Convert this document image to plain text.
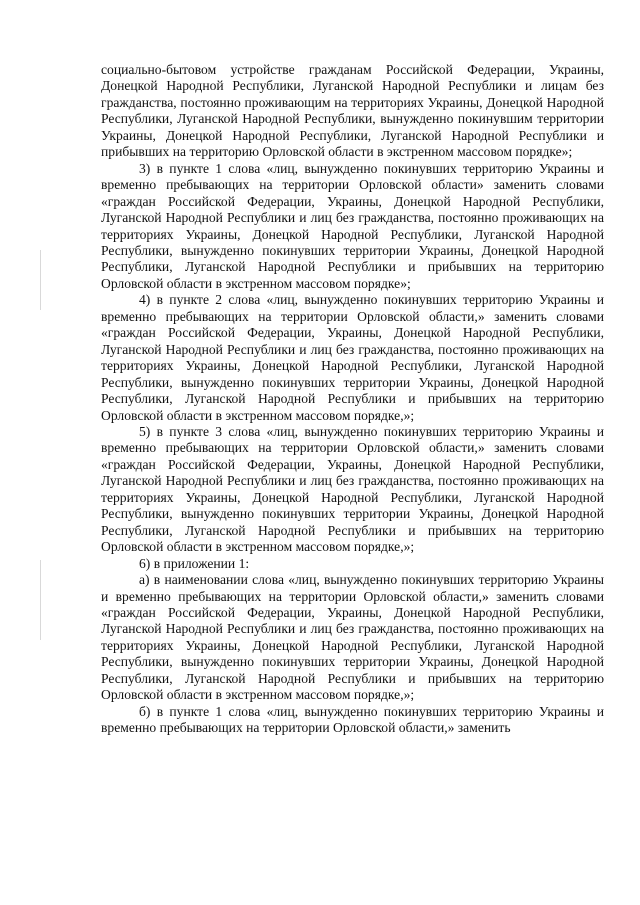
социально-бытовом устройстве гражданам Российской Федерации, Украины, Донецкой Народной Республики, Луганской Народной Республики и лицам без гражданства, постоянно проживающим на территориях Украины, Донецкой Народной Республики, Луганской Народной Республики, вынужденно покинувшим территории Украины, Донецкой Народной Республики, Луганской Народной Республики и прибывших на территорию Орловской области в экстренном массовом порядке»;

3) в пункте 1 слова «лиц, вынужденно покинувших территорию Украины и временно пребывающих на территории Орловской области» заменить словами «граждан Российской Федерации, Украины, Донецкой Народной Республики, Луганской Народной Республики и лиц без гражданства, постоянно проживающих на территориях Украины, Донецкой Народной Республики, Луганской Народной Республики, вынужденно покинувших территории Украины, Донецкой Народной Республики, Луганской Народной Республики и прибывших на территорию Орловской области в экстренном массовом порядке»;

4) в пункте 2 слова «лиц, вынужденно покинувших территорию Украины и временно пребывающих на территории Орловской области,» заменить словами «граждан Российской Федерации, Украины, Донецкой Народной Республики, Луганской Народной Республики и лиц без гражданства, постоянно проживающих на территориях Украины, Донецкой Народной Республики, Луганской Народной Республики, вынужденно покинувших территории Украины, Донецкой Народной Республики, Луганской Народной Республики и прибывших на территорию Орловской области в экстренном массовом порядке,»;

5) в пункте 3 слова «лиц, вынужденно покинувших территорию Украины и временно пребывающих на территории Орловской области,» заменить словами «граждан Российской Федерации, Украины, Донецкой Народной Республики, Луганской Народной Республики и лиц без гражданства, постоянно проживающих на территориях Украины, Донецкой Народной Республики, Луганской Народной Республики, вынужденно покинувших территории Украины, Донецкой Народной Республики, Луганской Народной Республики и прибывших на территорию Орловской области в экстренном массовом порядке,»;

6) в приложении 1:

а) в наименовании слова «лиц, вынужденно покинувших территорию Украины и временно пребывающих на территории Орловской области,» заменить словами «граждан Российской Федерации, Украины, Донецкой Народной Республики, Луганской Народной Республики и лиц без гражданства, постоянно проживающих на территориях Украины, Донецкой Народной Республики, Луганской Народной Республики, вынужденно покинувших территории Украины, Донецкой Народной Республики, Луганской Народной Республики и прибывших на территорию Орловской области в экстренном массовом порядке,»;

б) в пункте 1 слова «лиц, вынужденно покинувших территорию Украины и временно пребывающих на территории Орловской области,» заменить
